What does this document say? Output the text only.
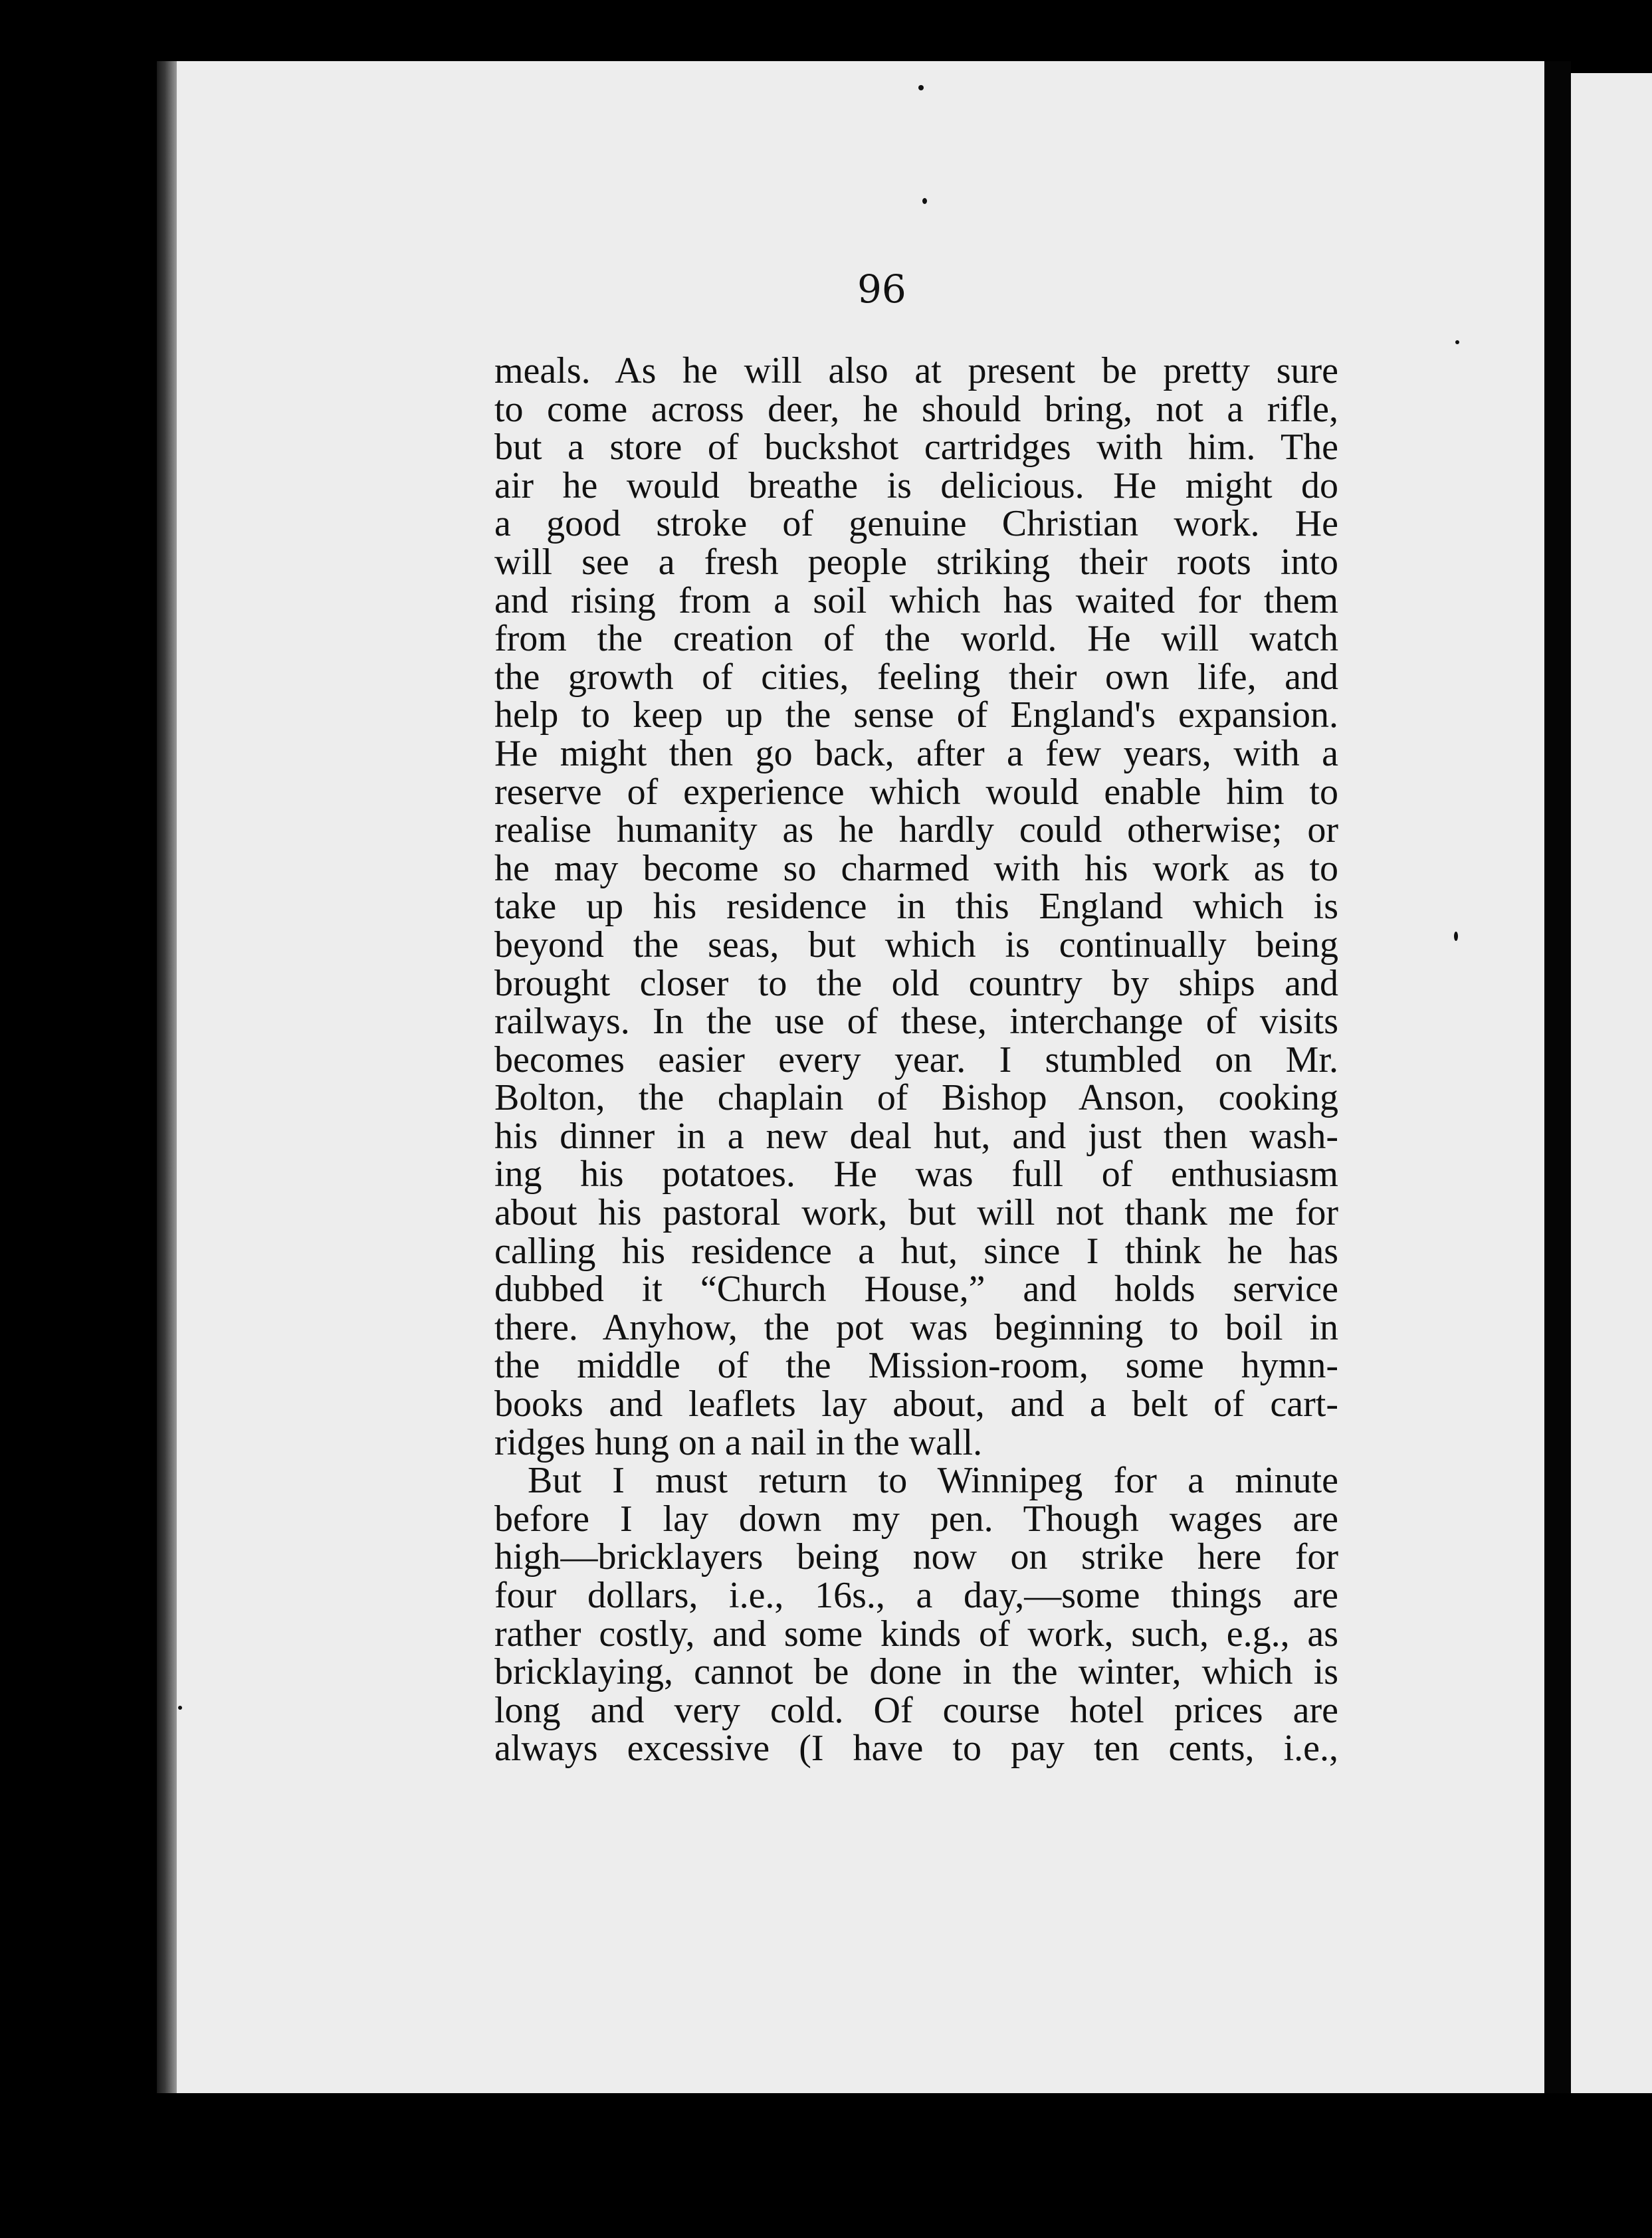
96
meals. As he will also at present be pretty sure
to come across deer, he should bring, not a rifle,
but a store of buckshot cartridges with him. The
air he would breathe is delicious. He might do
a good stroke of genuine Christian work. He
will see a fresh people striking their roots into
and rising from a soil which has waited for them
from the creation of the world. He will watch
the growth of cities, feeling their own life, and
help to keep up the sense of England's expansion.
He might then go back, after a few years, with a
reserve of experience which would enable him to
realise humanity as he hardly could otherwise; or
he may become so charmed with his work as to
take up his residence in this England which is
beyond the seas, but which is continually being
brought closer to the old country by ships and
railways. In the use of these, interchange of visits
becomes easier every year. I stumbled on Mr.
Bolton, the chaplain of Bishop Anson, cooking
his dinner in a new deal hut, and just then wash-
ing his potatoes. He was full of enthusiasm
about his pastoral work, but will not thank me for
calling his residence a hut, since I think he has
dubbed it “Church House,” and holds service
there. Anyhow, the pot was beginning to boil in
the middle of the Mission-room, some hymn-
books and leaflets lay about, and a belt of cart-
ridges hung on a nail in the wall.
But I must return to Winnipeg for a minute
before I lay down my pen. Though wages are
high—bricklayers being now on strike here for
four dollars, i.e., 16s., a day,—some things are
rather costly, and some kinds of work, such, e.g., as
bricklaying, cannot be done in the winter, which is
long and very cold. Of course hotel prices are
always excessive (I have to pay ten cents, i.e.,
